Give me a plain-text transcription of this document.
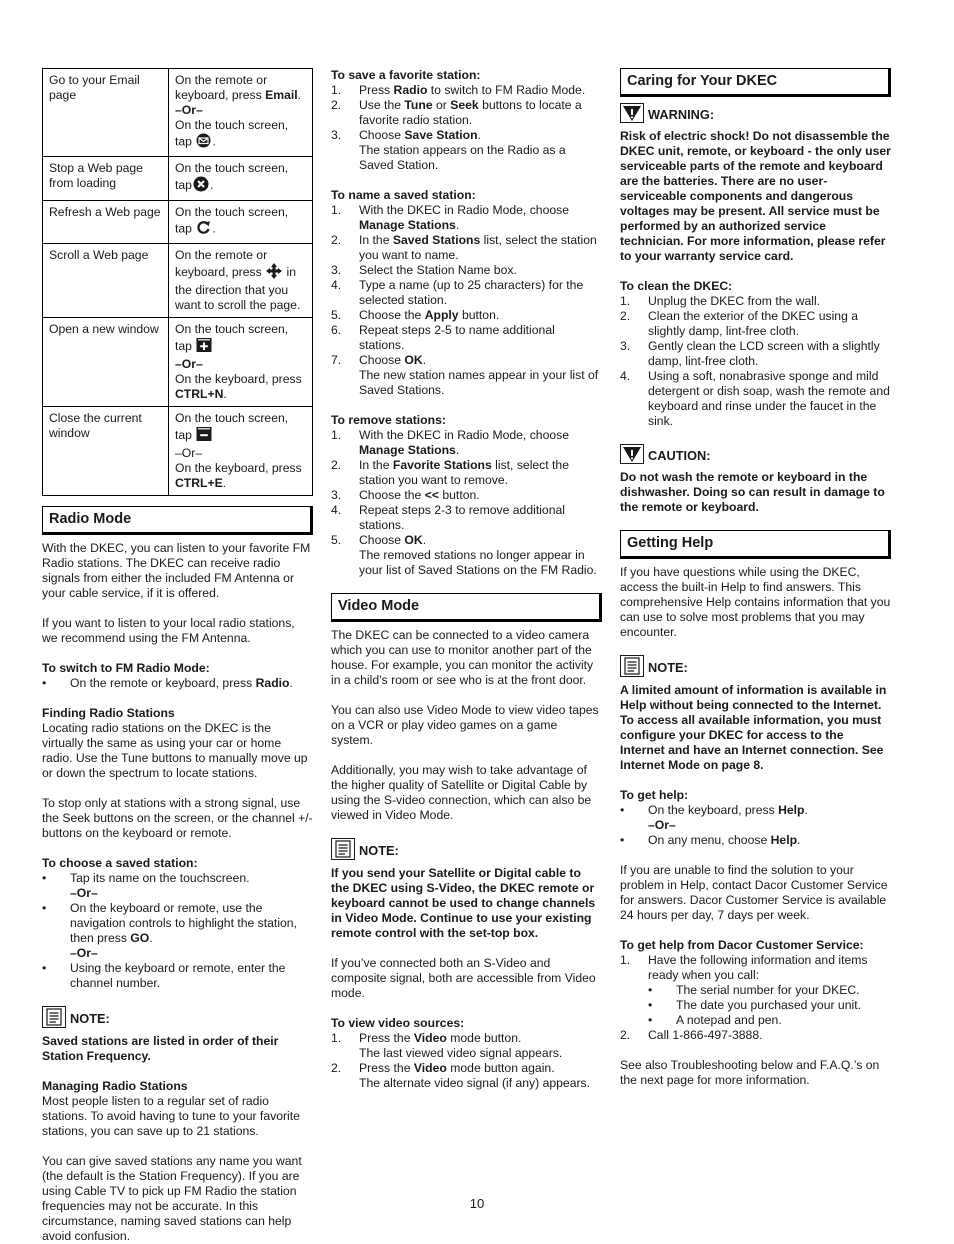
Go to your Email page	On the remote or keyboard, press Email.
–Or–
On the touch screen, tap .
Stop a Web page from loading	On the touch screen, tap .
Refresh a Web page	On the touch screen, tap .
Scroll a Web page	On the remote or keyboard, press  in the direction that you want to scroll the page.
Open a new window	On the touch screen, tap
–Or–
On the keyboard, press
CTRL+N.
Close the current window	On the touch screen, tap
–Or–
On the keyboard, press
CTRL+E.
Radio Mode

With the DKEC, you can listen to your favorite FM Radio stations. The DKEC can receive radio signals from either the included FM Antenna or your cable service, if it is offered.

If you want to listen to your local radio stations, we recommend using the FM Antenna.

To switch to FM Radio Mode:

• On the remote or keyboard, press Radio.

Finding Radio Stations

Locating radio stations on the DKEC is the virtually the same as using your car or home radio. Use the Tune buttons to manually move up or down the spectrum to locate stations.

To stop only at stations with a strong signal, use the Seek buttons on the screen, or the channel +/- buttons on the keyboard or remote.

To choose a saved station:

• Tap its name on the touchscreen.
–Or–
• On the keyboard or remote, use the navigation controls to highlight the station, then press GO.
–Or–
• Using the keyboard or remote, enter the channel number.
NOTE:

Saved stations are listed in order of their Station Frequency.

Managing Radio Stations

Most people listen to a regular set of radio stations. To avoid having to tune to your favorite stations, you can save up to 21 stations.

You can give saved stations any name you want (the default is the Station Frequency). If you are using Cable TV to pick up FM Radio the station frequencies may not be accurate. In this circumstance, naming saved stations can help avoid confusion.

To save a favorite station:

1. Press Radio to switch to FM Radio Mode.
2. Use the Tune or Seek buttons to locate a favorite radio station.
3. Choose Save Station.
The station appears on the Radio as a Saved Station.

To name a saved station:

1. With the DKEC in Radio Mode, choose Manage Stations.
2. In the Saved Stations list, select the station you want to name.
3. Select the Station Name box.
4. Type a name (up to 25 characters) for the selected station.
5. Choose the Apply button.
6. Repeat steps 2-5 to name additional stations.
7. Choose OK.
The new station names appear in your list of Saved Stations.

To remove stations:

1. With the DKEC in Radio Mode, choose Manage Stations.
2. In the Favorite Stations list, select the station you want to remove.
3. Choose the << button.
4. Repeat steps 2-3 to remove additional stations.
5. Choose OK.
The removed stations no longer appear in your list of Saved Stations on the FM Radio.
Video Mode

The DKEC can be connected to a video camera which you can use to monitor another part of the house. For example, you can monitor the activity in a child’s room or see who is at the front door.

You can also use Video Mode to view video tapes on a VCR or play video games on a game system.

Additionally, you may wish to take advantage of the higher quality of Satellite or Digital Cable by using the S-video connection, which can also be viewed in Video Mode.

NOTE:

If you send your Satellite or Digital cable to the DKEC using S-Video, the DKEC remote or keyboard cannot be used to change channels in Video Mode. Continue to use your existing remote control with the set-top box.

If you’ve connected both an S-Video and composite signal, both are accessible from Video mode.

To view video sources:

1. Press the Video mode button.
The last viewed video signal appears.
2. Press the Video mode button again.
The alternate video signal (if any) appears.
Caring for Your DKEC
WARNING:

Risk of electric shock! Do not disassemble the DKEC unit, remote, or keyboard - the only user serviceable parts of the remote and keyboard are the batteries. There are no user-serviceable components and dangerous voltages may be present. All service must be performed by an authorized service technician. For more information, please refer to your warranty service card.

To clean the DKEC:

1. Unplug the DKEC from the wall.
2. Clean the exterior of the DKEC using a slightly damp, lint-free cloth.
3. Gently clean the LCD screen with a slightly damp, lint-free cloth.
4. Using a soft, nonabrasive sponge and mild detergent or dish soap, wash the remote and keyboard and rinse under the faucet in the sink.
CAUTION:

Do not wash the remote or keyboard in the dishwasher. Doing so can result in damage to the remote or keyboard.

Getting Help

If you have questions while using the DKEC, access the built-in Help to find answers. This comprehensive Help contains information that you can use to solve most problems that you may encounter.

NOTE:

A limited amount of information is available in Help without being connected to the Internet. To access all available information, you must configure your DKEC for access to the Internet and have an Internet connection. See Internet Mode on page 8.

To get help:

• On the keyboard, press Help.
–Or–
• On any menu, choose Help.

If you are unable to find the solution to your problem in Help, contact Dacor Customer Service for answers. Dacor Customer Service is available 24 hours per day, 7 days per week.

To get help from Dacor Customer Service:

1. Have the following information and items ready when you call:
• The serial number for your DKEC.
• The date you purchased your unit.
• A notepad and pen.
2. Call 1-866-497-3888.

See also Troubleshooting below and F.A.Q.’s on the next page for more information.

10
